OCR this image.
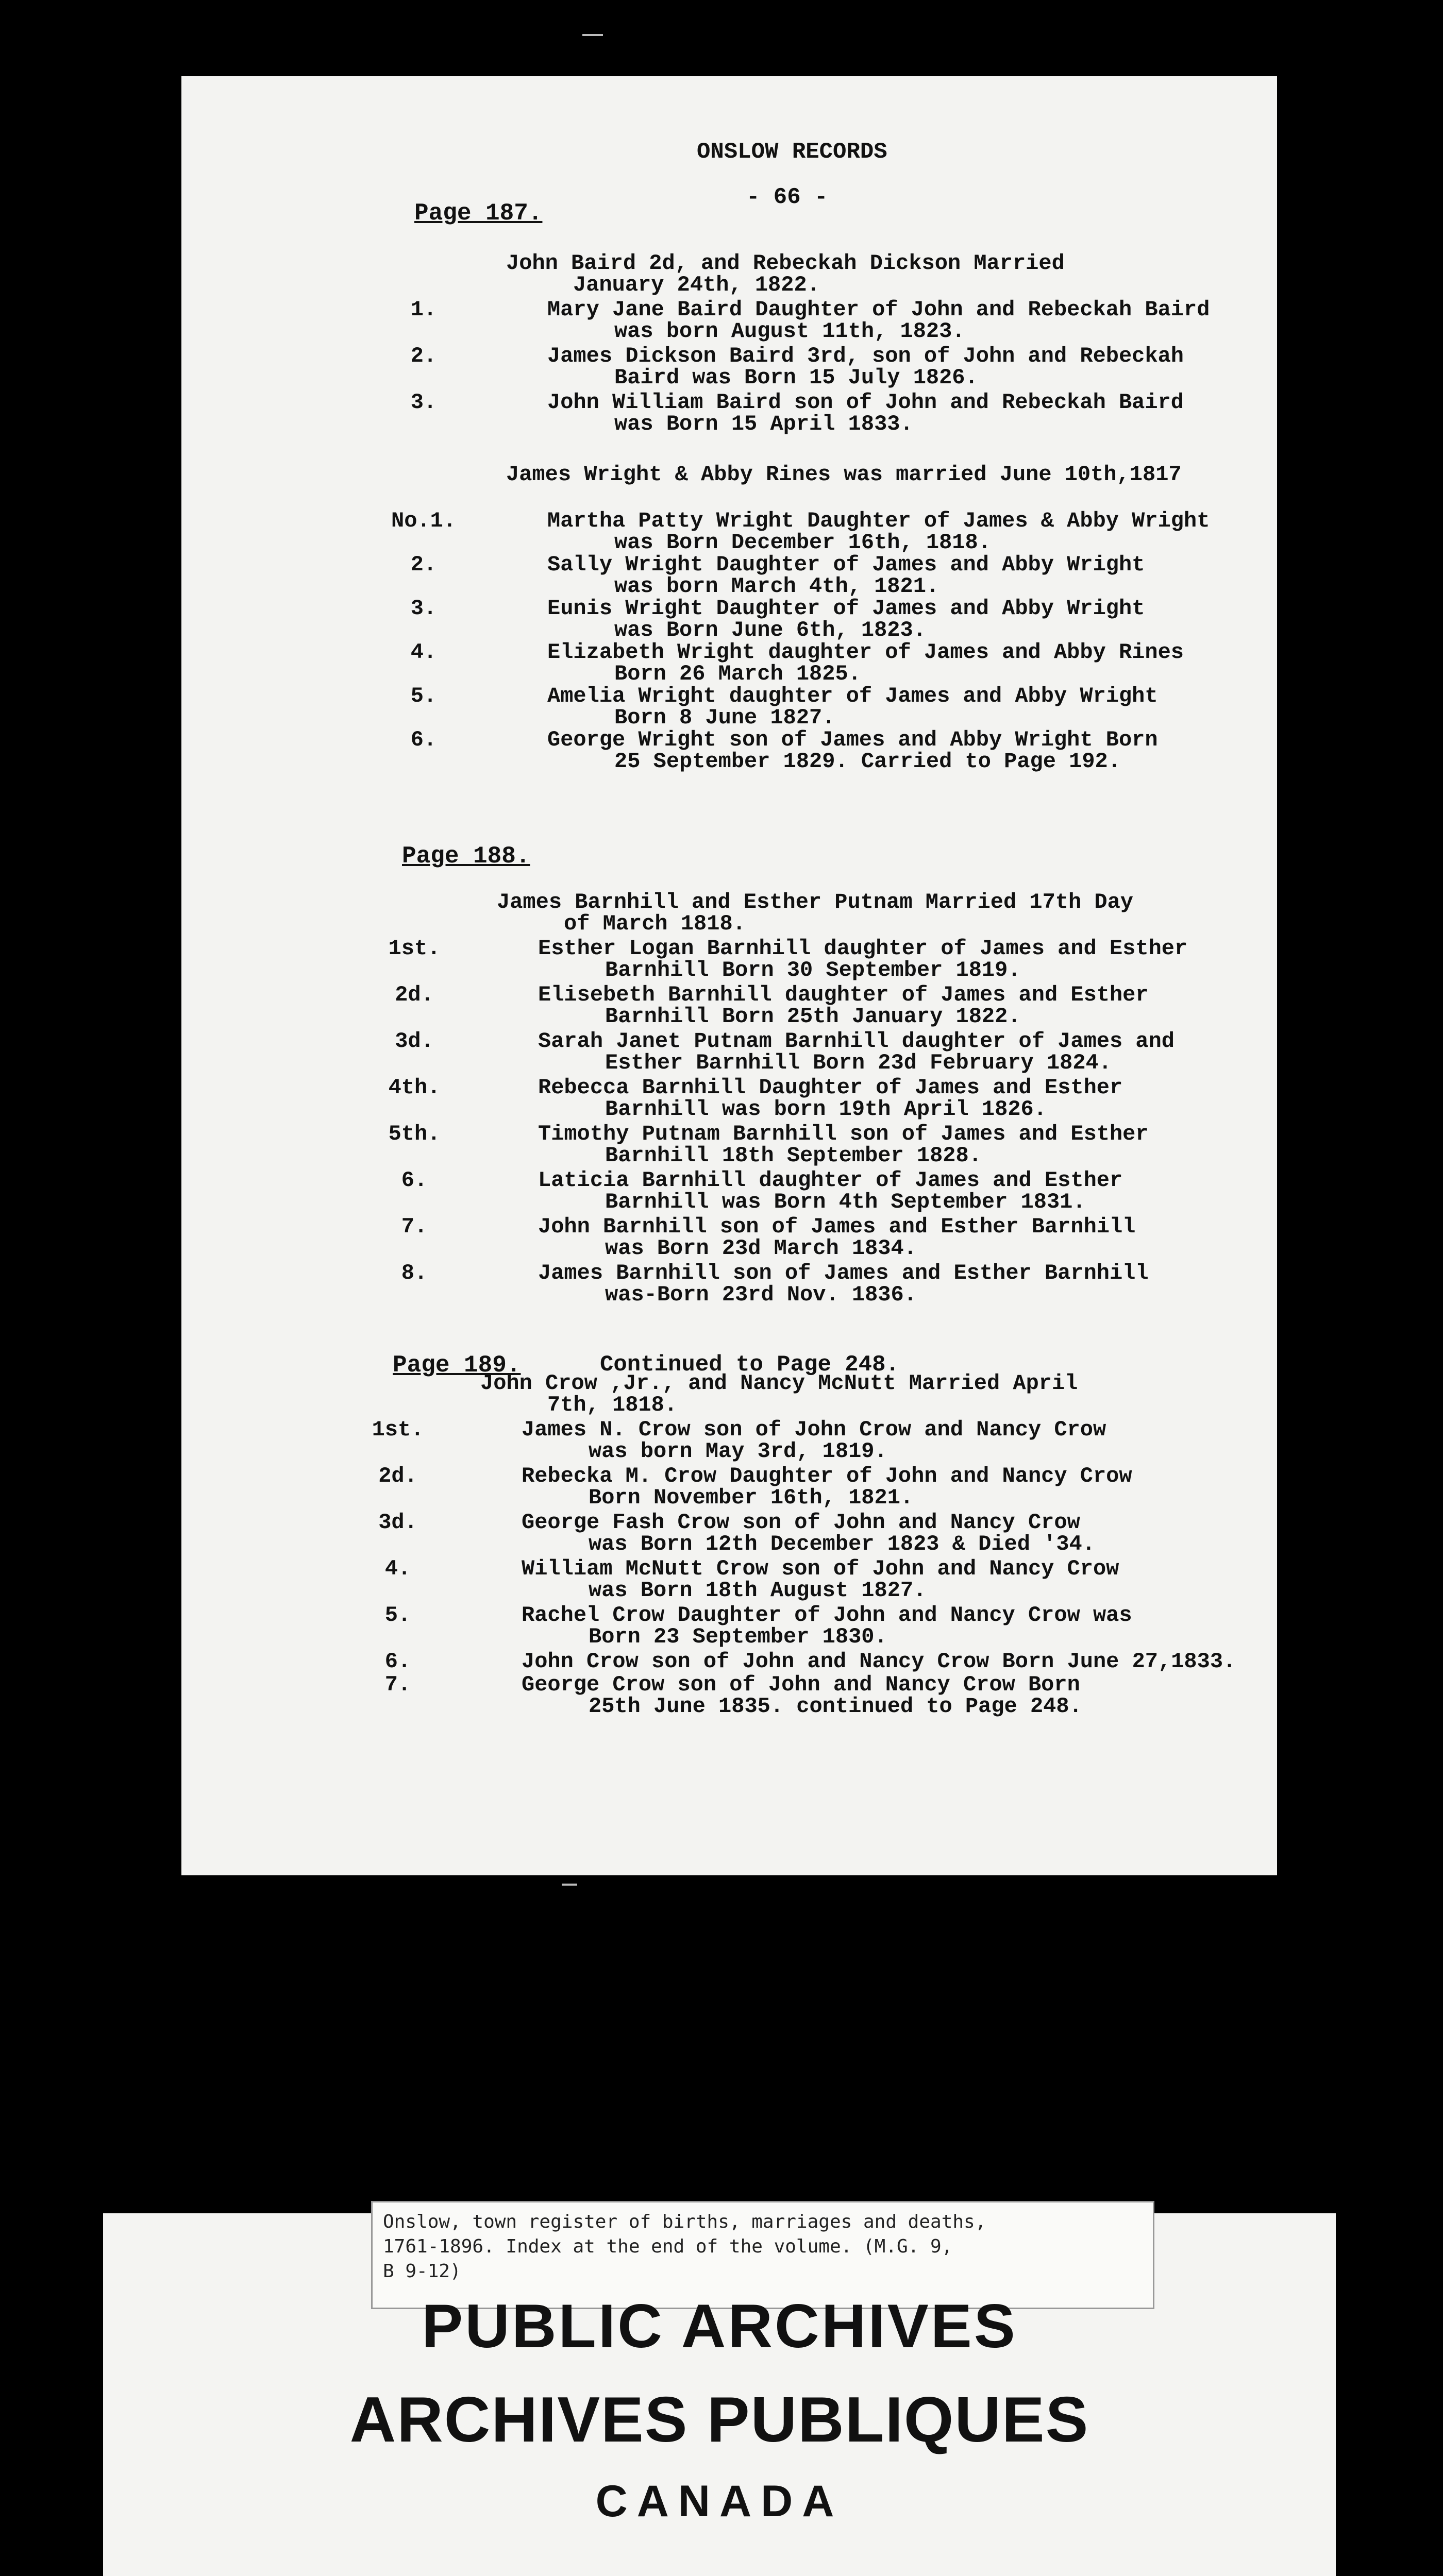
ONSLOW RECORDS
- 66 -
Page 187.
John Baird 2d, and Rebeckah Dickson Married
January 24th, 1822.
1.	Mary Jane Baird Daughter of John and Rebeckah Baird
was born August 11th, 1823.
2.	James Dickson Baird 3rd, son of John and Rebeckah
Baird was Born 15 July 1826.
3.	John William Baird son of John and Rebeckah Baird
was Born 15 April 1833.
James Wright & Abby Rines was married June 10th,1817
No.1.	Martha Patty Wright Daughter of James & Abby Wright
was Born December 16th, 1818.
2.	Sally Wright Daughter of James and Abby Wright
was born March 4th, 1821.
3.	Eunis Wright Daughter of James and Abby Wright
was Born June 6th, 1823.
4.	Elizabeth Wright daughter of James and Abby Rines
Born 26 March 1825.
5.	Amelia Wright daughter of James and Abby Wright
Born 8 June 1827.
6.	George Wright son of James and Abby Wright Born
25 September 1829. Carried to Page 192.
Page 188.
James Barnhill and Esther Putnam Married 17th Day
of March 1818.
1st.	Esther Logan Barnhill daughter of James and Esther
Barnhill Born 30 September 1819.
2d.	Elisebeth Barnhill daughter of James and Esther
Barnhill Born 25th January 1822.
3d.	Sarah Janet Putnam Barnhill daughter of James and
Esther Barnhill Born 23d February 1824.
4th.	Rebecca Barnhill Daughter of James and Esther
Barnhill was born 19th April 1826.
5th.	Timothy Putnam Barnhill son of James and Esther
Barnhill 18th September 1828.
6.	Laticia Barnhill daughter of James and Esther
Barnhill was Born 4th September 1831.
7.	John Barnhill son of James and Esther Barnhill
was Born 23d March 1834.
8.	James Barnhill son of James and Esther Barnhill
was-Born 23rd Nov. 1836.
Page 189.	Continued to Page 248.
John Crow ,Jr., and Nancy McNutt Married April
7th, 1818.
1st.	James N. Crow son of John Crow and Nancy Crow
was born May 3rd, 1819.
2d.	Rebecka M. Crow Daughter of John and Nancy Crow
Born November 16th, 1821.
3d.	George Fash Crow son of John and Nancy Crow
was Born 12th December 1823 & Died '34.
4.	William McNutt Crow son of John and Nancy Crow
was Born 18th August 1827.
5.	Rachel Crow Daughter of John and Nancy Crow was
Born 23 September 1830.
6.	John Crow son of John and Nancy Crow Born June 27,1833.
7.	George Crow son of John and Nancy Crow Born
25th June 1835. continued to Page 248.
Onslow, town register of births, marriages and deaths,
1761-1896. Index at the end of the volume. (M.G. 9,
B 9-12)
PUBLIC ARCHIVES
ARCHIVES PUBLIQUES
CANADA
